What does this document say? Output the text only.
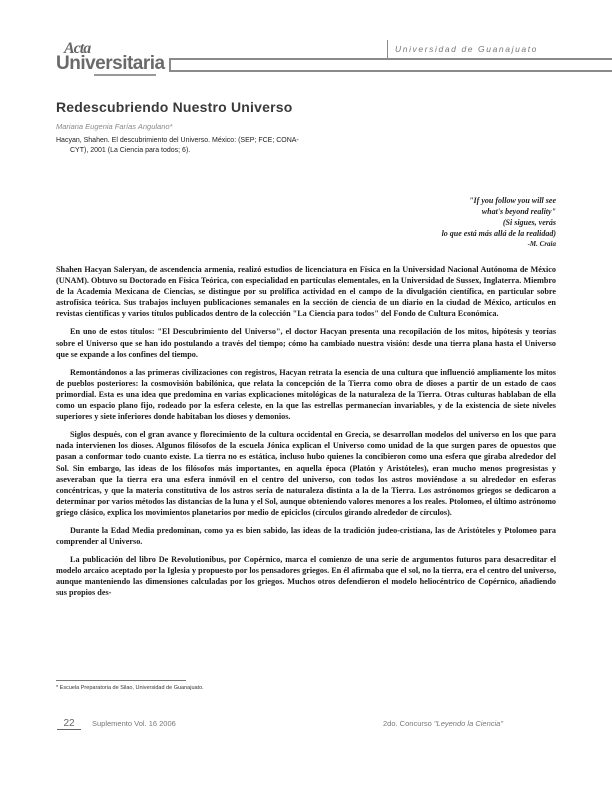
Acta
Universitaria
Universidad de Guanajuato
Redescubriendo Nuestro Universo
Mariana Eugenia Farías Angulano*
Hacyan, Shahen. El descubrimiento del Universo. México: (SEP; FCE; CONA-
CYT), 2001 (La Ciencia para todos; 6).
"If you follow you will see
what's beyond reality"
(Si sigues, verás
lo que está más allá de la realidad)
-M. Craia

Shahen Hacyan Saleryan, de ascendencia armenia, realizó estudios de licenciatura en Física en la Universidad Nacional Autónoma de México (UNAM). Obtuvo su Doctorado en Física Teórica, con especialidad en partículas elementales, en la Universidad de Sussex, Inglaterra. Miembro de la Academia Mexicana de Ciencias, se distingue por su prolífica actividad en el campo de la divulgación científica, en particular sobre astrofísica teórica. Sus trabajos incluyen publicaciones semanales en la sección de ciencia de un diario en la ciudad de México, artículos en revistas científicas y varios títulos publicados dentro de la colección "La Ciencia para todos" del Fondo de Cultura Económica.

En uno de estos títulos: "El Descubrimiento del Universo", el doctor Hacyan presenta una recopilación de los mitos, hipótesis y teorías sobre el Universo que se han ido postulando a través del tiempo; cómo ha cambiado nuestra visión: desde una tierra plana hasta el Universo que se expande a los confines del tiempo.

Remontándonos a las primeras civilizaciones con registros, Hacyan retrata la esencia de una cultura que influenció ampliamente los mitos de pueblos posteriores: la cosmovisión babilónica, que relata la concepción de la Tierra como obra de dioses a partir de un estado de caos primordial. Esta es una idea que predomina en varias explicaciones mitológicas de la naturaleza de la Tierra. Otras culturas hablaban de ella como un espacio plano fijo, rodeado por la esfera celeste, en la que las estrellas permanecían invariables, y de la existencia de siete niveles superiores y siete inferiores donde habitaban los dioses y demonios.

Siglos después, con el gran avance y florecimiento de la cultura occidental en Grecia, se desarrollan modelos del universo en los que para nada intervienen los dioses. Algunos filósofos de la escuela Jónica explican el Universo como unidad de la que surgen pares de opuestos que pasan a conformar todo cuanto existe. La tierra no es estática, incluso hubo quienes la concibieron como una esfera que giraba alrededor del Sol. Sin embargo, las ideas de los filósofos más importantes, en aquella época (Platón y Aristóteles), eran mucho menos progresistas y aseveraban que la tierra era una esfera inmóvil en el centro del universo, con todos los astros moviéndose a su alrededor en esferas concéntricas, y que la materia constitutiva de los astros sería de naturaleza distinta a la de la Tierra. Los astrónomos griegos se dedicaron a determinar por varios métodos las distancias de la luna y el Sol, aunque obteniendo valores menores a los reales. Ptolomeo, el último astrónomo griego clásico, explica los movimientos planetarios por medio de epiciclos (círculos girando alrededor de círculos).

Durante la Edad Media predominan, como ya es bien sabido, las ideas de la tradición judeo-cristiana, las de Aristóteles y Ptolomeo para comprender al Universo.

La publicación del libro De Revolutionibus, por Copérnico, marca el comienzo de una serie de argumentos futuros para desacreditar el modelo arcaico aceptado por la Iglesia y propuesto por los pensadores griegos. En él afirmaba que el sol, no la tierra, era el centro del universo, aunque manteniendo las dimensiones calculadas por los griegos. Muchos otros defendieron el modelo heliocéntrico de Copérnico, añadiendo sus propios des-

* Escuela Preparatoria de Silao, Universidad de Guanajuato.
22	Suplemento Vol. 16 2006	2do. Concurso "Leyendo la Ciencia"
